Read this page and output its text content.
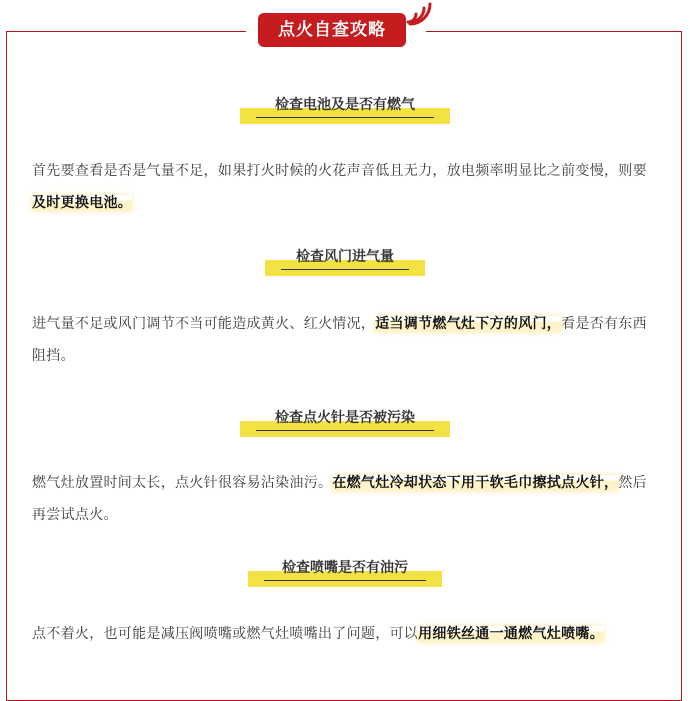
点火自查攻略
检查电池及是否有燃气
首先要查看是否是气量不足，如果打火时候的火花声音低且无力，放电频率明显比之前变慢，则要及时更换电池。
检查风门进气量
进气量不足或风门调节不当可能造成黄火、红火情况，适当调节燃气灶下方的风门，看是否有东西阻挡。
检查点火针是否被污染
燃气灶放置时间太长，点火针很容易沾染油污。在燃气灶冷却状态下用干软毛巾擦拭点火针，然后再尝试点火。
检查喷嘴是否有油污
点不着火，也可能是减压阀喷嘴或燃气灶喷嘴出了问题，可以用细铁丝通一通燃气灶喷嘴。
